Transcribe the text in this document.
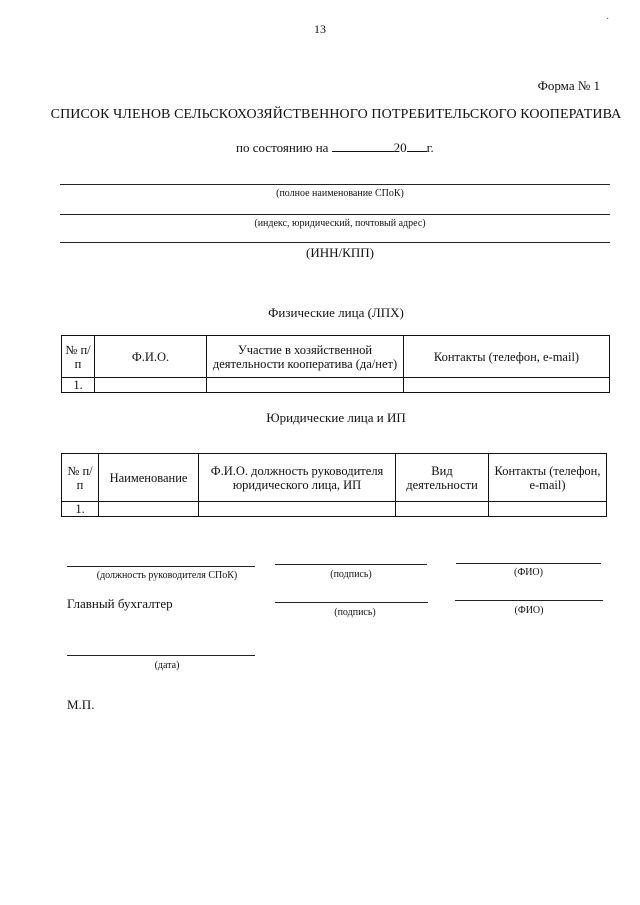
·
13
Форма № 1
СПИСОК ЧЛЕНОВ СЕЛЬСКОХОЗЯЙСТВЕННОГО ПОТРЕБИТЕЛЬСКОГО КООПЕРАТИВА
по состоянию на	20 г.
(полное наименование СПоК)
(индекс, юридический, почтовый адрес)
(ИНН/КПП)
Физические лица (ЛПХ)
№ п/п	Ф.И.О.	Участие в хозяйственной деятельности кооператива (да/нет)	Контакты (телефон, e-mail)
1.			
Юридические лица и ИП
№ п/п	Наименование	Ф.И.О. должность руководителя юридического лица, ИП	Вид деятельности	Контакты (телефон, e-mail)
1.				
(должность руководителя СПоК)	(подпись)	(ФИО)
Главный бухгалтер
(подпись)	(ФИО)
(дата)
М.П.
